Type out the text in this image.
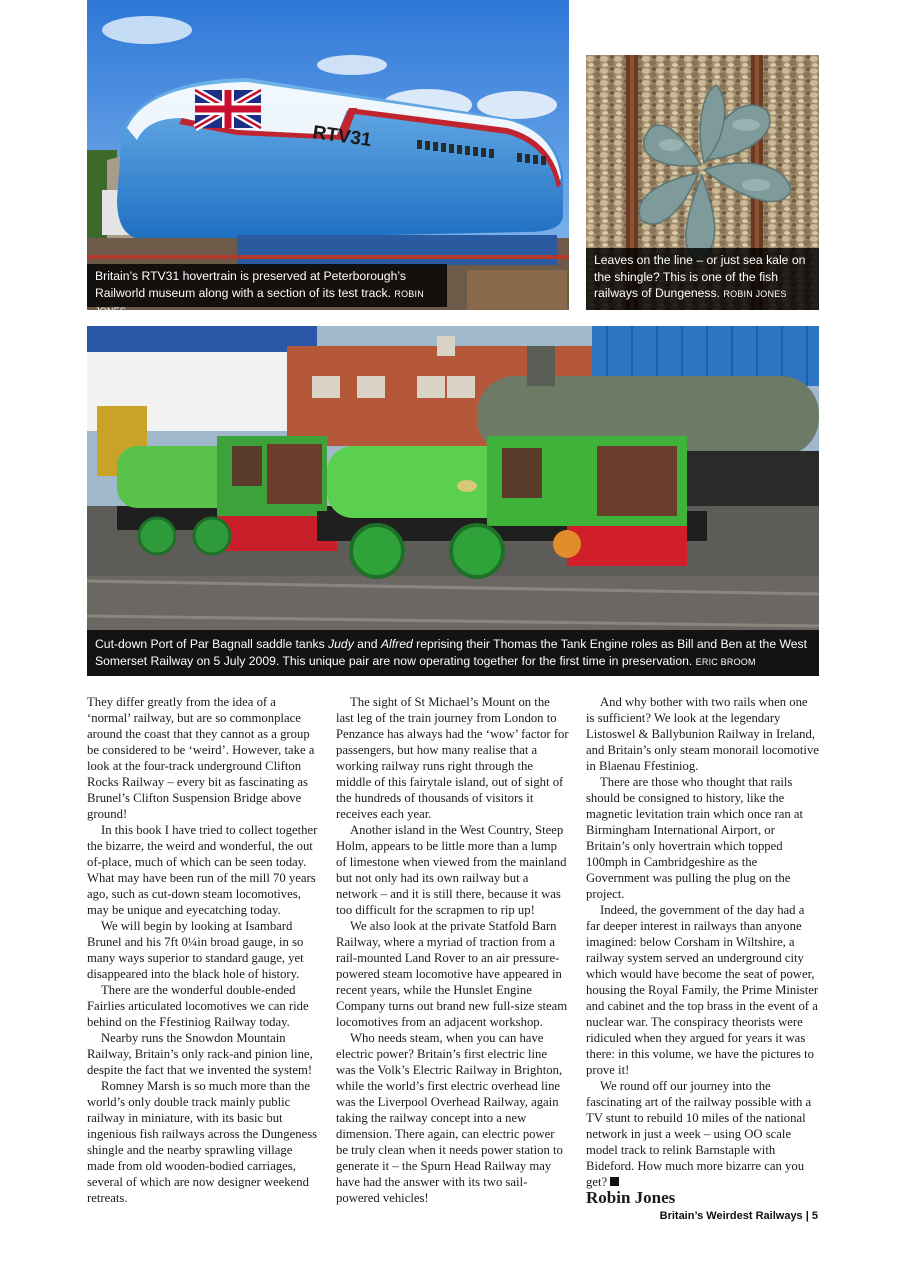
RTV31
Britain’s RTV31 hovertrain is preserved at Peterborough’s Railworld museum along with a section of its test track. ROBIN JONES
Leaves on the line – or just sea kale on the shingle? This is one of the fish railways of Dungeness. ROBIN JONES
Cut-down Port of Par Bagnall saddle tanks Judy and Alfred reprising their Thomas the Tank Engine roles as Bill and Ben at the West Somerset Railway on 5 July 2009. This unique pair are now operating together for the first time in preservation. ERIC BROOM

They differ greatly from the idea of a ‘normal’ railway, but are so commonplace around the coast that they cannot as a group be considered to be ‘weird’. However, take a look at the four-track underground Clifton Rocks Railway – every bit as fascinating as Brunel’s Clifton Suspension Bridge above ground!

In this book I have tried to collect together the bizarre, the weird and wonderful, the out of-place, much of which can be seen today. What may have been run of the mill 70 years ago, such as cut-down steam locomotives, may be unique and eyecatching today.

We will begin by looking at Isambard Brunel and his 7ft 0¼in broad gauge, in so many ways superior to standard gauge, yet disappeared into the black hole of history.

There are the wonderful double-ended Fairlies articulated locomotives we can ride behind on the Ffestiniog Railway today.

Nearby runs the Snowdon Mountain Railway, Britain’s only rack-and pinion line, despite the fact that we invented the system!

Romney Marsh is so much more than the world’s only double track mainly public railway in miniature, with its basic but ingenious fish railways across the Dungeness shingle and the nearby sprawling village made from old wooden-bodied carriages, several of which are now designer weekend retreats.

The sight of St Michael’s Mount on the last leg of the train journey from London to Penzance has always had the ‘wow’ factor for passengers, but how many realise that a working railway runs right through the middle of this fairytale island, out of sight of the hundreds of thousands of visitors it receives each year.

Another island in the West Country, Steep Holm, appears to be little more than a lump of limestone when viewed from the mainland but not only had its own railway but a network – and it is still there, because it was too difficult for the scrapmen to rip up!

We also look at the private Statfold Barn Railway, where a myriad of traction from a rail-mounted Land Rover to an air pressure-powered steam locomotive have appeared in recent years, while the Hunslet Engine Company turns out brand new full-size steam locomotives from an adjacent workshop.

Who needs steam, when you can have electric power? Britain’s first electric line was the Volk’s Electric Railway in Brighton, while the world’s first electric overhead line was the Liverpool Overhead Railway, again taking the railway concept into a new dimension. There again, can electric power be truly clean when it needs power station to generate it – the Spurn Head Railway may have had the answer with its two sail-powered vehicles!

And why bother with two rails when one is sufficient? We look at the legendary Listoswel & Ballybunion Railway in Ireland, and Britain’s only steam monorail locomotive in Blaenau Ffestiniog.

There are those who thought that rails should be consigned to history, like the magnetic levitation train which once ran at Birmingham International Airport, or Britain’s only hovertrain which topped 100mph in Cambridgeshire as the Government was pulling the plug on the project.

Indeed, the government of the day had a far deeper interest in railways than anyone imagined: below Corsham in Wiltshire, a railway system served an underground city which would have become the seat of power, housing the Royal Family, the Prime Minister and cabinet and the top brass in the event of a nuclear war. The conspiracy theorists were ridiculed when they argued for years it was there: in this volume, we have the pictures to prove it!

We round off our journey into the fascinating art of the railway possible with a TV stunt to rebuild 10 miles of the national network in just a week – using OO scale model track to relink Barnstaple with Bideford. How much more bizarre can you get?

Robin Jones

Britain’s Weirdest Railways | 5
